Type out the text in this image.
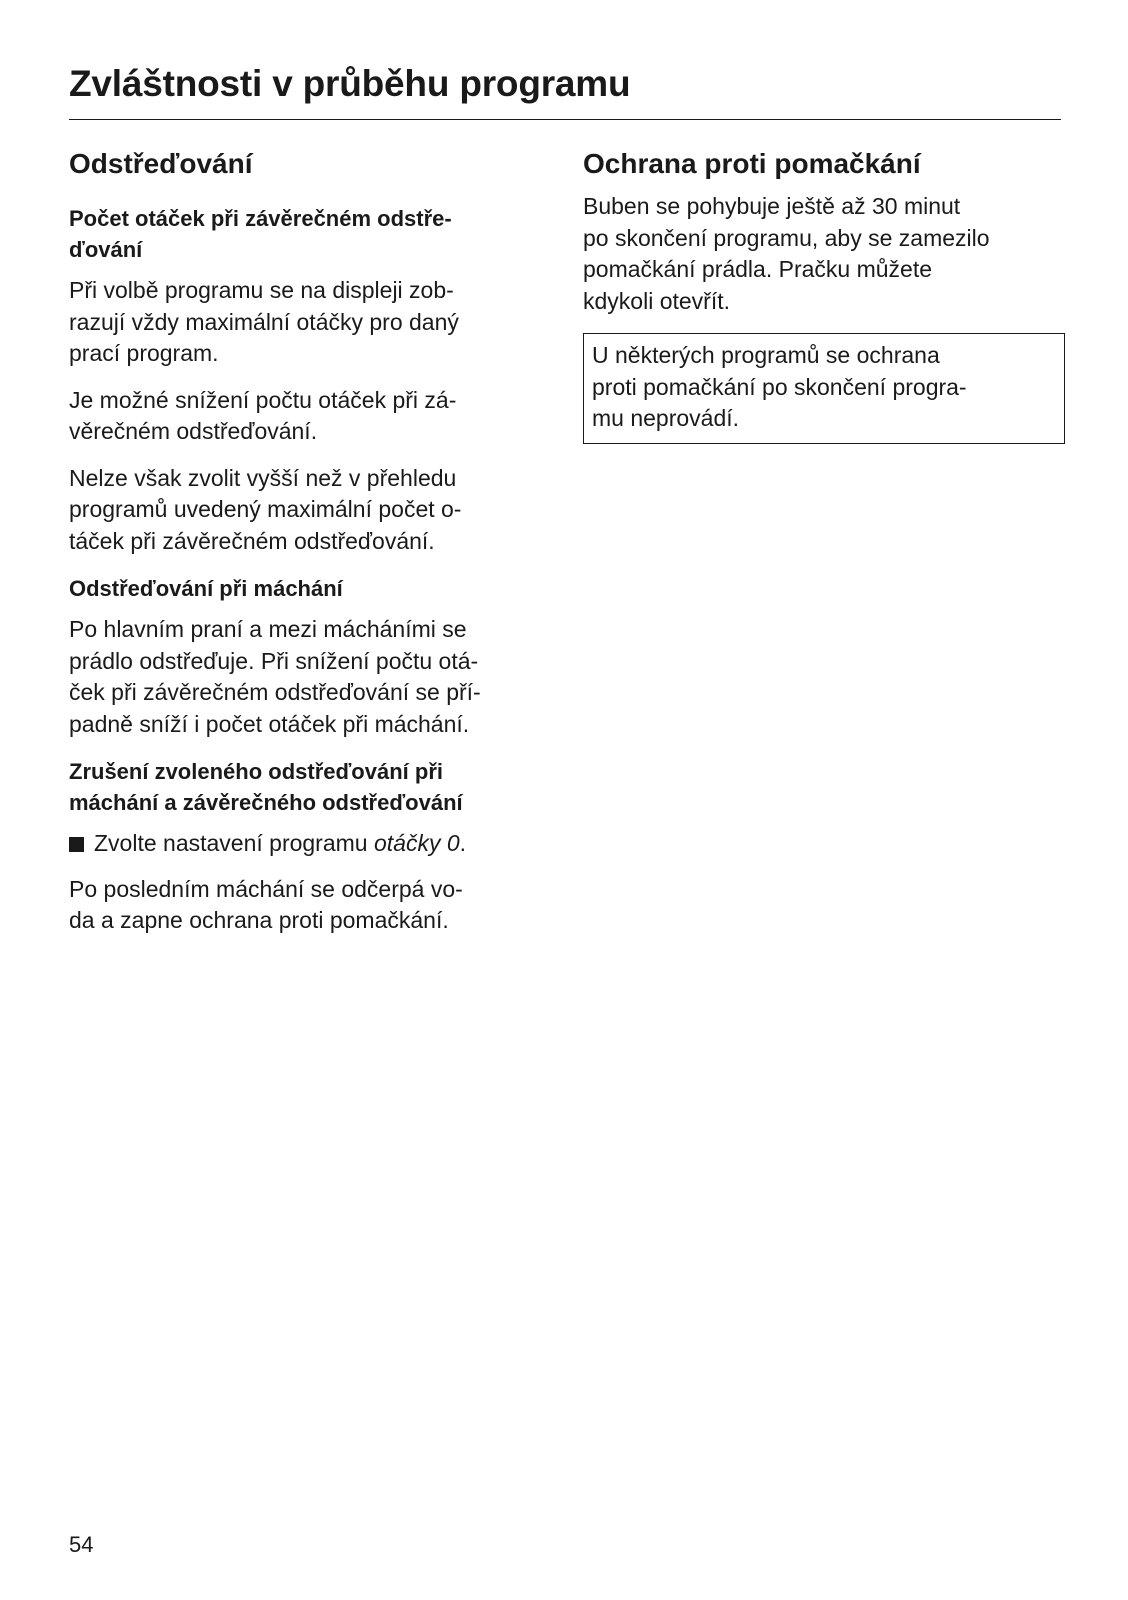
Zvláštnosti v průběhu programu
Odstřeďování
Počet otáček při závěrečném odstře-
ďování

Při volbě programu se na displeji zob-
razují vždy maximální otáčky pro daný
prací program.

Je možné snížení počtu otáček při zá-
věrečném odstřeďování.

Nelze však zvolit vyšší než v přehledu
programů uvedený maximální počet o-
táček při závěrečném odstřeďování.

Odstřeďování při máchání

Po hlavním praní a mezi mácháními se
prádlo odstřeďuje. Při snížení počtu otá-
ček při závěrečném odstřeďování se pří-
padně sníží i počet otáček při máchání.

Zrušení zvoleného odstřeďování při
máchání a závěrečného odstřeďování
Zvolte nastavení programu otáčky 0.

Po posledním máchání se odčerpá vo-
da a zapne ochrana proti pomačkání.

Ochrana proti pomačkání

Buben se pohybuje ještě až 30 minut
po skončení programu, aby se zamezilo
pomačkání prádla. Pračku můžete
kdykoli otevřít.

U některých programů se ochrana
proti pomačkání po skončení progra-
mu neprovádí.

54
